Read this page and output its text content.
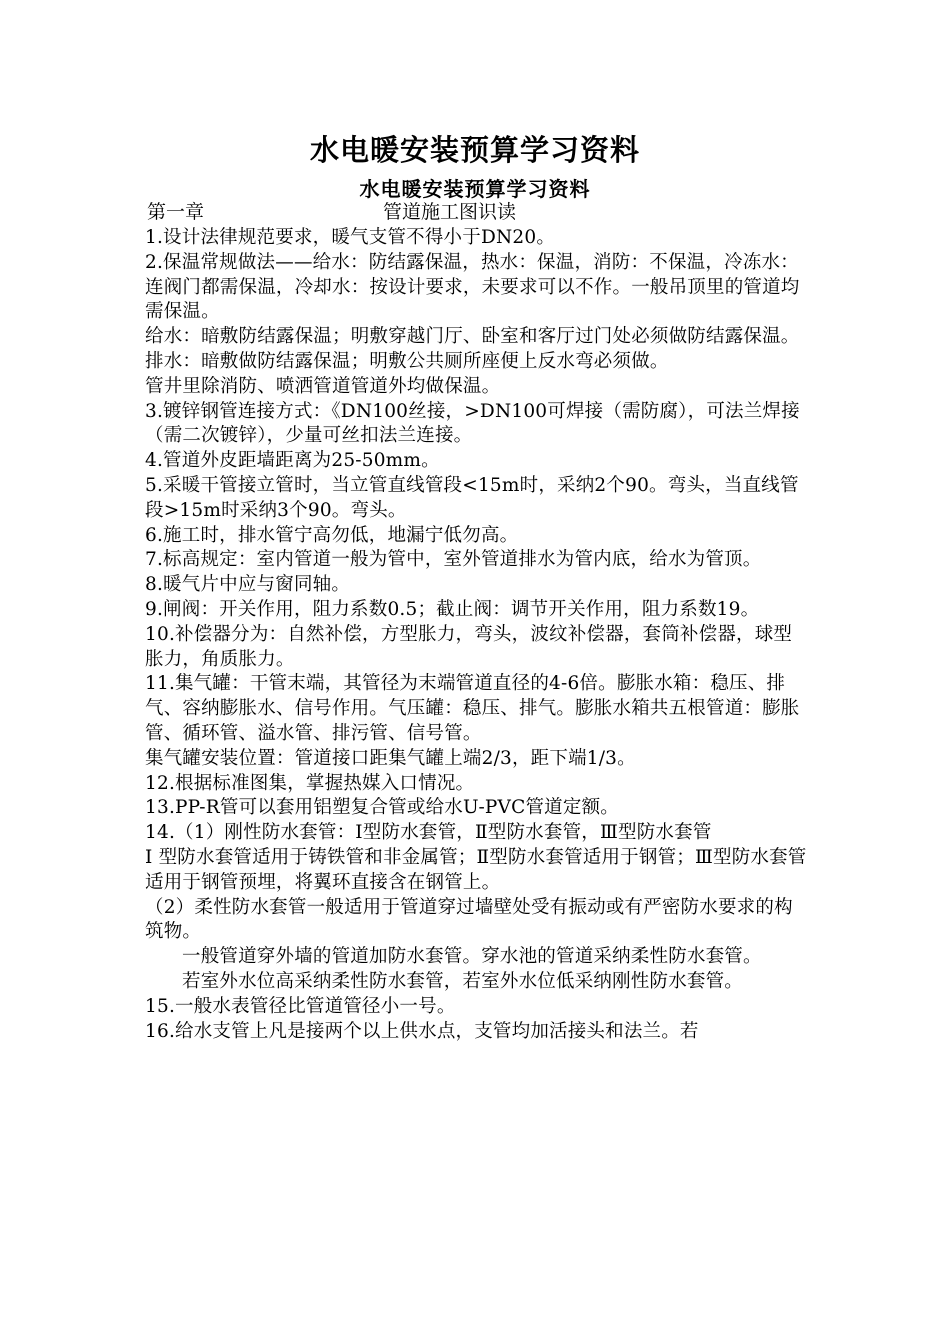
水电暖安装预算学习资料
水电暖安装预算学习资料
第一章	管道施工图识读

1.设计法律规范要求，暖气支管不得小于DN20。

2.保温常规做法——给水：防结露保温，热水：保温，消防：不保温，冷冻水：连阀门都需保温，冷却水：按设计要求，未要求可以不作。一般吊顶里的管道均需保温。

给水：暗敷防结露保温；明敷穿越门厅、卧室和客厅过门处必须做防结露保温。排水：暗敷做防结露保温；明敷公共厕所座便上反水弯必须做。

管井里除消防、喷洒管道管道外均做保温。

3.镀锌钢管连接方式：《DN100丝接，>DN100可焊接（需防腐），可法兰焊接（需二次镀锌），少量可丝扣法兰连接。

4.管道外皮距墙距离为25-50mm。

5.采暖干管接立管时，当立管直线管段<15m时，采纳2个90。弯头，当直线管段>15m时采纳3个90。弯头。

6.施工时，排水管宁高勿低，地漏宁低勿高。

7.标高规定：室内管道一般为管中，室外管道排水为管内底，给水为管顶。

8.暖气片中应与窗同轴。

9.闸阀：开关作用，阻力系数0.5；截止阀：调节开关作用，阻力系数19。

10.补偿器分为：自然补偿，方型胀力，弯头，波纹补偿器，套筒补偿器，球型胀力，角质胀力。

11.集气罐：干管末端，其管径为末端管道直径的4-6倍。膨胀水箱：稳压、排气、容纳膨胀水、信号作用。气压罐：稳压、排气。膨胀水箱共五根管道：膨胀管、循环管、溢水管、排污管、信号管。

集气罐安装位置：管道接口距集气罐上端2/3，距下端1/3。

12.根据标准图集，掌握热媒入口情况。

13.PP-R管可以套用铝塑复合管或给水U-PVC管道定额。

14.（1）刚性防水套管：Ⅰ型防水套管，Ⅱ型防水套管，Ⅲ型防水套管

Ⅰ 型防水套管适用于铸铁管和非金属管；Ⅱ型防水套管适用于钢管；Ⅲ型防水套管适用于钢管预埋，将翼环直接含在钢管上。

（2）柔性防水套管一般适用于管道穿过墙壁处受有振动或有严密防水要求的构筑物。

一般管道穿外墙的管道加防水套管。穿水池的管道采纳柔性防水套管。

若室外水位高采纳柔性防水套管，若室外水位低采纳刚性防水套管。

15.一般水表管径比管道管径小一号。

16.给水支管上凡是接两个以上供水点，支管均加活接头和法兰。若
